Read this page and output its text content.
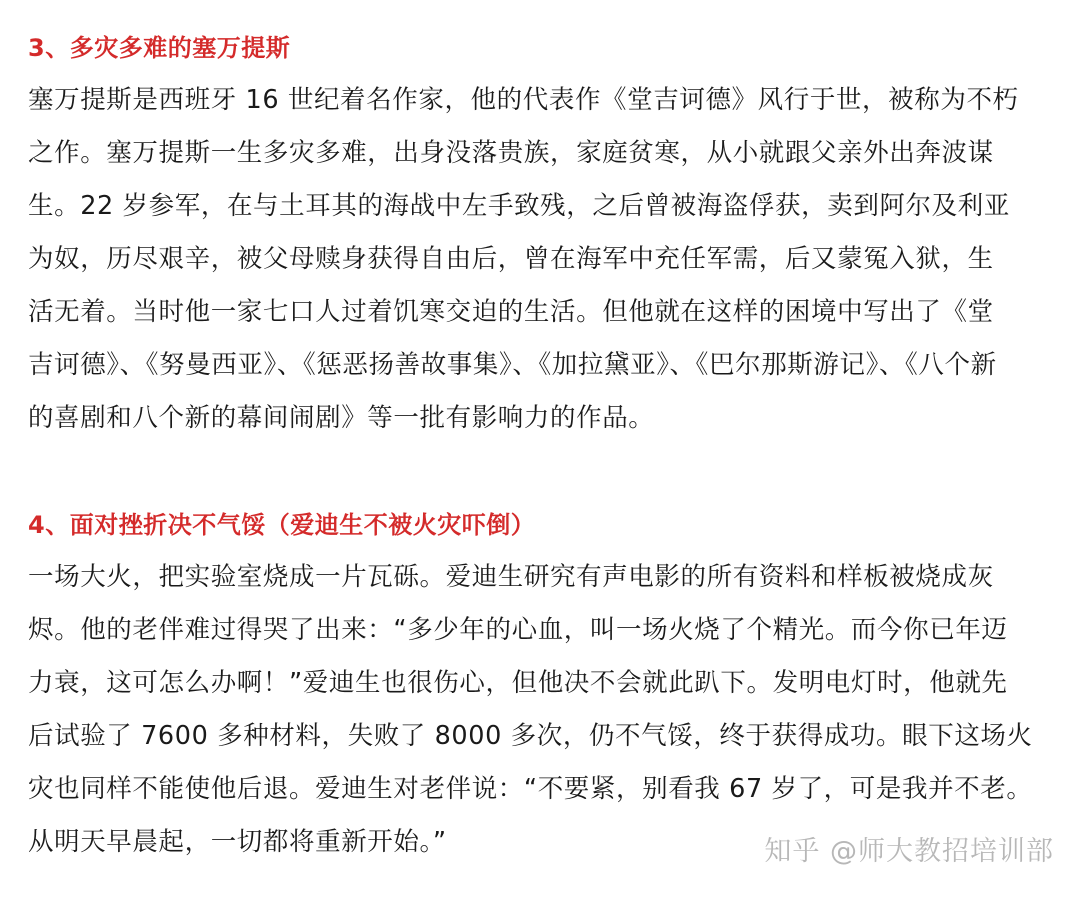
3、多灾多难的塞万提斯
塞万提斯是西班牙 16 世纪着名作家，他的代表作《堂吉诃德》风行于世，被称为不朽
之作。塞万提斯一生多灾多难，出身没落贵族，家庭贫寒，从小就跟父亲外出奔波谋
生。22 岁参军，在与土耳其的海战中左手致残，之后曾被海盗俘获，卖到阿尔及利亚
为奴，历尽艰辛，被父母赎身获得自由后，曾在海军中充任军需，后又蒙冤入狱，生
活无着。当时他一家七口人过着饥寒交迫的生活。但他就在这样的困境中写出了《堂
吉诃德》、《努曼西亚》、《惩恶扬善故事集》、《加拉黛亚》、《巴尔那斯游记》、《八个新
的喜剧和八个新的幕间闹剧》等一批有影响力的作品。
4、面对挫折决不气馁（爱迪生不被火灾吓倒）
一场大火，把实验室烧成一片瓦砾。爱迪生研究有声电影的所有资料和样板被烧成灰
烬。他的老伴难过得哭了出来：“多少年的心血，叫一场火烧了个精光。而今你已年迈
力衰，这可怎么办啊！”爱迪生也很伤心，但他决不会就此趴下。发明电灯时，他就先
后试验了 7600 多种材料，失败了 8000 多次，仍不气馁，终于获得成功。眼下这场火
灾也同样不能使他后退。爱迪生对老伴说：“不要紧，别看我 67 岁了，可是我并不老。
从明天早晨起，一切都将重新开始。”	知乎 @师大教招培训部
